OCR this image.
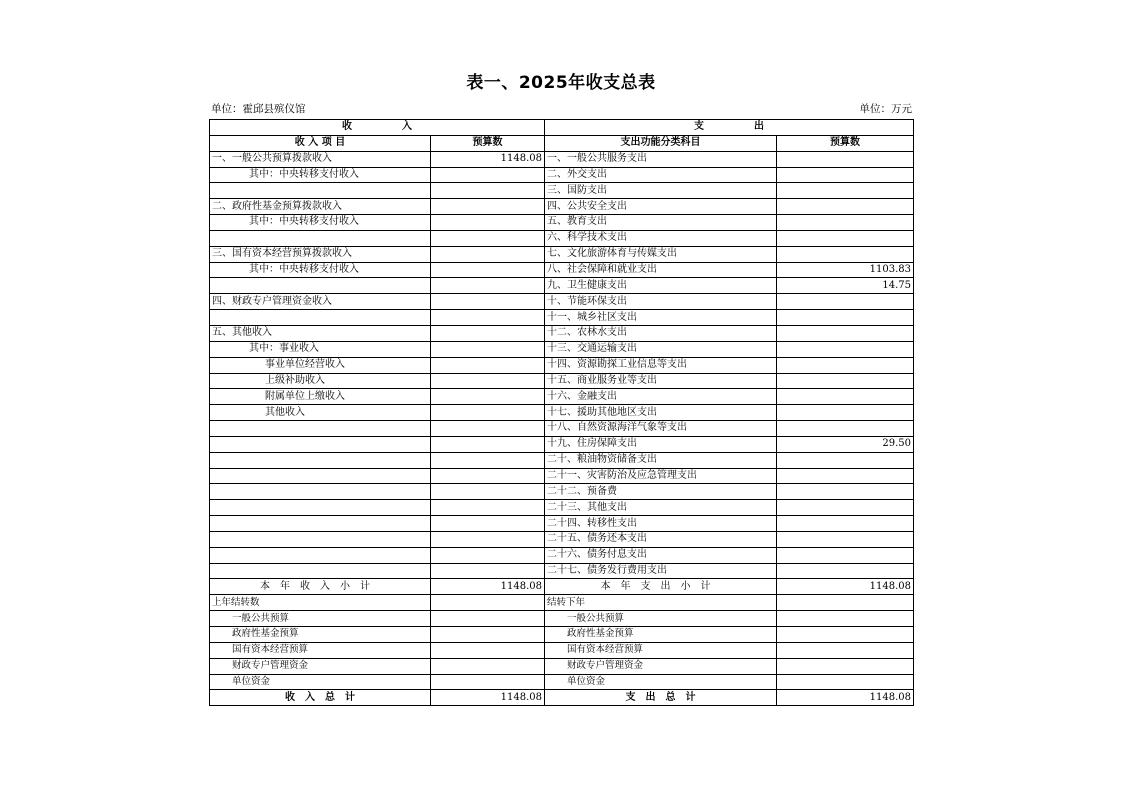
表一、2025年收支总表
单位：霍邱县殡仪馆	单位：万元
收　　　　　入		支　　　　　出	
收 入 项 目	预算数	支出功能分类科目	预算数
一、一般公共预算拨款收入	1148.08	一、一般公共服务支出	
其中：中央转移支付收入		二、外交支出	
		三、国防支出	
二、政府性基金预算拨款收入		四、公共安全支出	
其中：中央转移支付收入		五、教育支出	
		六、科学技术支出	
三、国有资本经营预算拨款收入		七、文化旅游体育与传媒支出	
其中：中央转移支付收入		八、社会保障和就业支出	1103.83
		九、卫生健康支出	14.75
四、财政专户管理资金收入		十、节能环保支出	
		十一、城乡社区支出	
五、其他收入		十二、农林水支出	
其中：事业收入		十三、交通运输支出	
事业单位经营收入		十四、资源勘探工业信息等支出	
上级补助收入		十五、商业服务业等支出	
附属单位上缴收入		十六、金融支出	
其他收入		十七、援助其他地区支出	
		十八、自然资源海洋气象等支出	
		十九、住房保障支出	29.50
		二十、粮油物资储备支出	
		二十一、灾害防治及应急管理支出	
		二十二、预备费	
		二十三、其他支出	
		二十四、转移性支出	
		二十五、债务还本支出	
		二十六、债务付息支出	
		二十七、债务发行费用支出	
本年收入小计	1148.08	本年支出小计	1148.08
上年结转数		结转下年	
一般公共预算		一般公共预算	
政府性基金预算		政府性基金预算	
国有资本经营预算		国有资本经营预算	
财政专户管理资金		财政专户管理资金	
单位资金		单位资金	
收　入　总　计	1148.08	支　出　总　计	1148.08
